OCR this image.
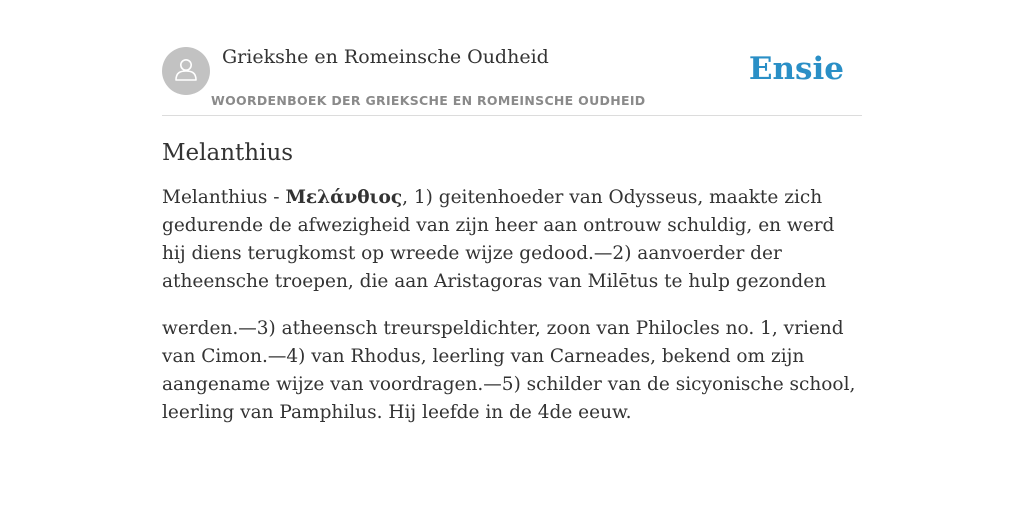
Griekshe en Romeinsche Oudheid
WOORDENBOEK DER GRIEKSCHE EN ROMEINSCHE OUDHEID
Ensie
Melanthius

Melanthius - Μελάνθιος, 1) geitenhoeder van Odysseus, maakte zich gedurende de afwezigheid van zijn heer aan ontrouw schuldig, en werd hij diens terugkomst op wreede wijze gedood.—2) aanvoerder der atheensche troepen, die aan Aristagoras van Milētus te hulp gezonden

werden.—3) atheensch treurspeldichter, zoon van Philocles no. 1, vriend van Cimon.—4) van Rhodus, leerling van Carneades, bekend om zijn aangename wijze van voordragen.—5) schilder van de sicyonische school, leerling van Pamphilus. Hij leefde in de 4de eeuw.
